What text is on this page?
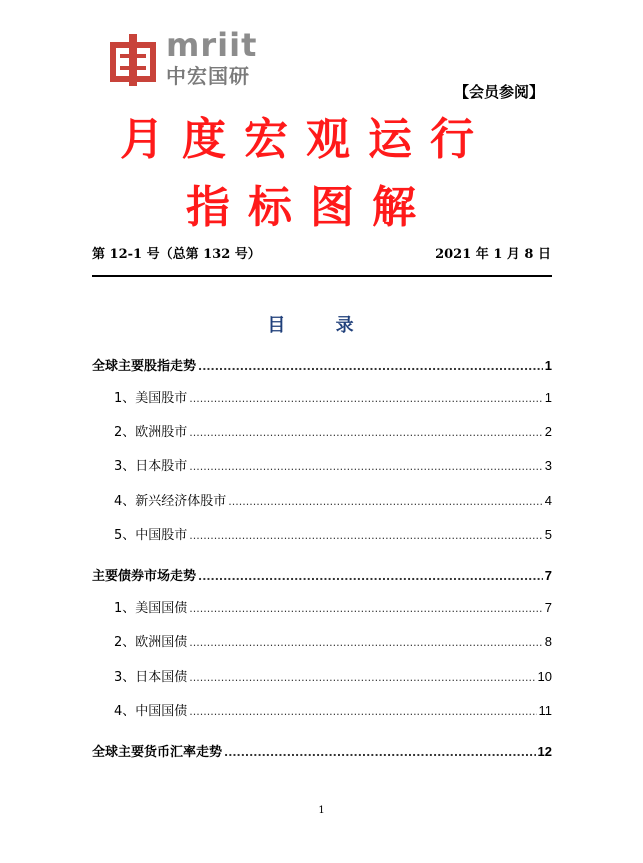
mriit
中宏国研
【会员参阅】
月度宏观运行
指标图解
第 12-1 号（总第 132 号）	2021 年 1 月 8 日
目 录
全球主要股指走势 .....	1
1、美国股市 .....	1
2、欧洲股市 .....	2
3、日本股市 .....	3
4、新兴经济体股市 .....	4
5、中国股市 .....	5
主要债券市场走势 .....	7
1、美国国债 .....	7
2、欧洲国债 .....	8
3、日本国债 .....	10
4、中国国债 .....	11
全球主要货币汇率走势 .....	12
1
